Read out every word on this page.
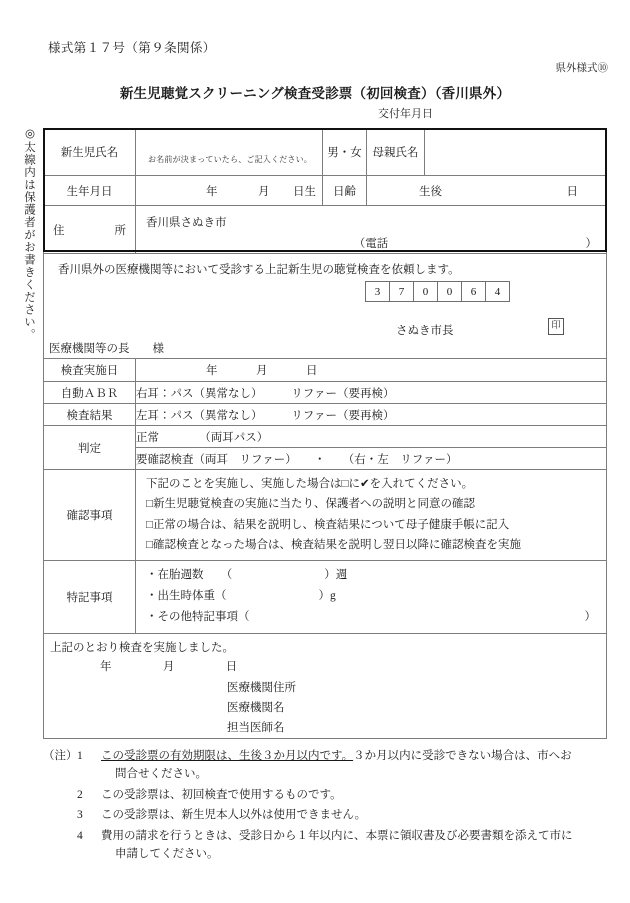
様式第１７号（第９条関係）
県外様式⑩
新生児聴覚スクリーニング検査受診票（初回検査）（香川県外）
交付年月日
◎太線内は保護者がお書きください。 新生児氏名	お名前が決まっていたら、ご記入ください。	男・女	母親氏名	
生年月日	年 月 日生	日齢	生後 日	

住　　所	香川県さぬき市
（電話 ）			

香川県外の医療機関等において受診する上記新生児の聴覚検査を依頼します。
3	7	0	0	6	4
さぬき市長	印
医療機関等の長　　様

検査実施日	年 月 日			

自動ＡＢＲ	右耳：パス（異常なし）　　　リファー（要再検）			
検査結果	左耳：パス（異常なし）　　　リファー（要再検）			
判定	正常　　　　（両耳パス）			
	要確認検査（両耳　リファー）　　・　　（右・左　リファー）			
確認事項	下記のことを実施し、実施した場合は□に✔を入れてください。
□新生児聴覚検査の実施に当たり、保護者への説明と同意の確認
□正常の場合は、結果を説明し、検査結果について母子健康手帳に記入
□確認検査となった場合は、検査結果を説明し翌日以降に確認検査を実施			

特記事項	・在胎週数　　（　　　　　　　　）週
・出生時体重（　　　　　　　　）g
・その他特記事項（ ）			

上記のとおり検査を実施しました。
年 月 日
医療機関住所
医療機関名
担当医師名				
（注） 1	この受診票の有効期限は、生後３か月以内です。３か月以内に受診できない場合は、市へお
問合せください。
2	この受診票は、初回検査で使用するものです。
3	この受診票は、新生児本人以外は使用できません。
4	費用の請求を行うときは、受診日から１年以内に、本票に領収書及び必要書類を添えて市に
申請してください。
